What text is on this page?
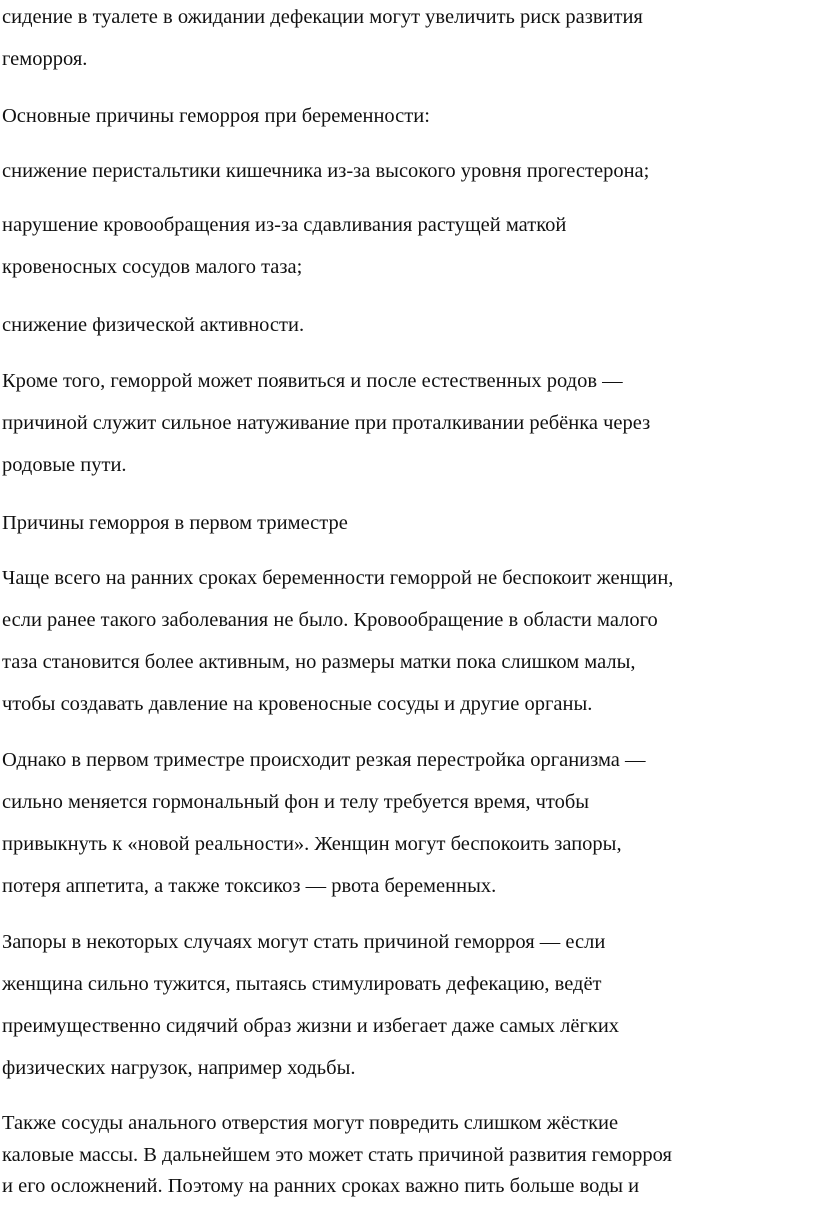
сидение в туалете в ожидании дефекации могут увеличить риск развития
геморроя.

Основные причины геморроя при беременности:

снижение перистальтики кишечника из-за высокого уровня прогестерона;

нарушение кровообращения из-за сдавливания растущей маткой
кровеносных сосудов малого таза;

снижение физической активности.

Кроме того, геморрой может появиться и после естественных родов —
причиной служит сильное натуживание при проталкивании ребёнка через
родовые пути.

Причины геморроя в первом триместре

Чаще всего на ранних сроках беременности геморрой не беспокоит женщин,
если ранее такого заболевания не было. Кровообращение в области малого
таза становится более активным, но размеры матки пока слишком малы,
чтобы создавать давление на кровеносные сосуды и другие органы.

Однако в первом триместре происходит резкая перестройка организма —
сильно меняется гормональный фон и телу требуется время, чтобы
привыкнуть к «новой реальности». Женщин могут беспокоить запоры,
потеря аппетита, а также токсикоз — рвота беременных.

Запоры в некоторых случаях могут стать причиной геморроя — если
женщина сильно тужится, пытаясь стимулировать дефекацию, ведёт
преимущественно сидячий образ жизни и избегает даже самых лёгких
физических нагрузок, например ходьбы.

Также сосуды анального отверстия могут повредить слишком жёсткие
каловые массы. В дальнейшем это может стать причиной развития геморроя
и его осложнений. Поэтому на ранних сроках важно пить больше воды и
